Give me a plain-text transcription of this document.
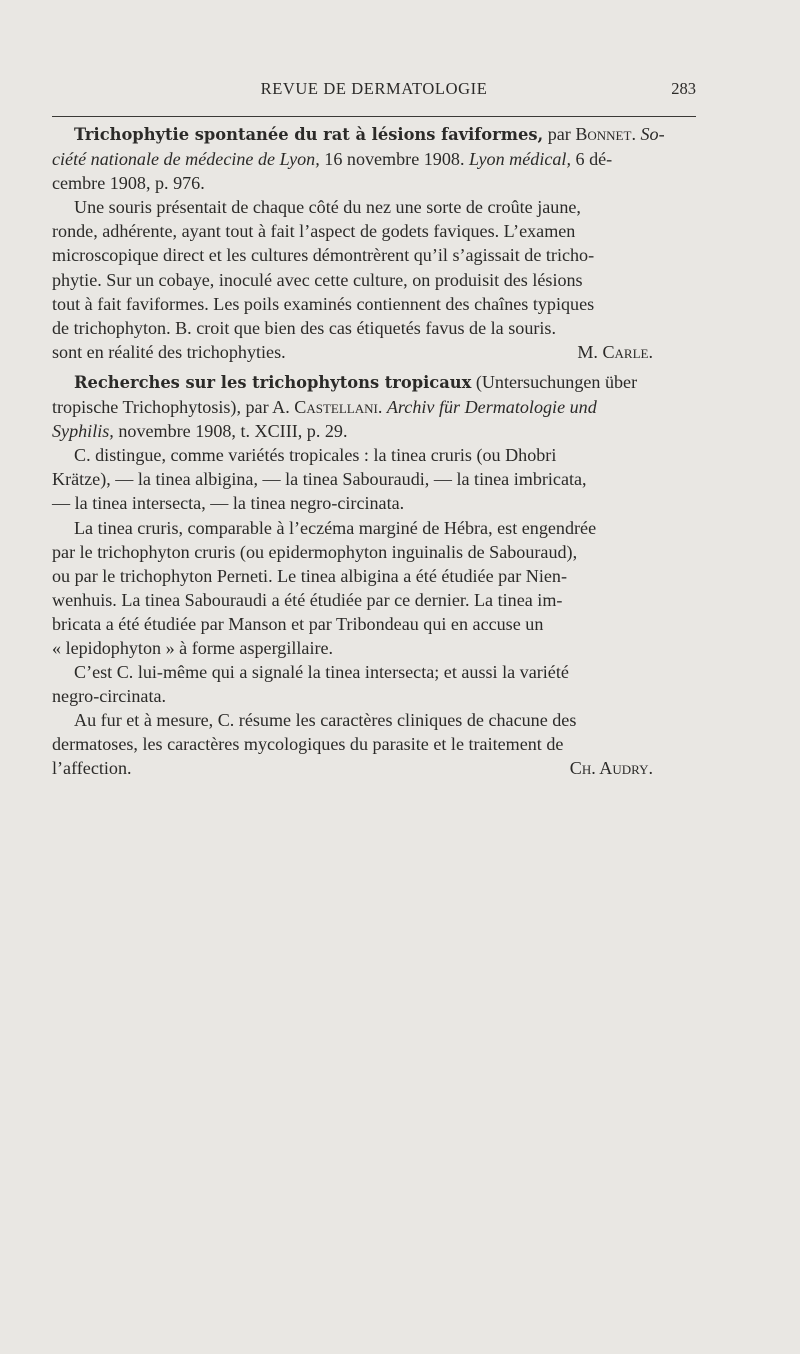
REVUE DE DERMATOLOGIE	283

Trichophytie spontanée du rat à lésions faviformes, par Bonnet. So-
ciété nationale de médecine de Lyon, 16 novembre 1908. Lyon médical, 6 dé-
cembre 1908, p. 976.

Une souris présentait de chaque côté du nez une sorte de croûte jaune,
ronde, adhérente, ayant tout à fait l’aspect de godets faviques. L’examen
microscopique direct et les cultures démontrèrent qu’il s’agissait de tricho-
phytie. Sur un cobaye, inoculé avec cette culture, on produisit des lésions
tout à fait faviformes. Les poils examinés contiennent des chaînes typiques
de trichophyton. B. croit que bien des cas étiquetés favus de la souris.

sont en réalité des trichophyties.	M. Carle.

Recherches sur les trichophytons tropicaux (Untersuchungen über
tropische Trichophytosis), par A. Castellani. Archiv für Dermatologie und
Syphilis, novembre 1908, t. XCIII, p. 29.

C. distingue, comme variétés tropicales : la tinea cruris (ou Dhobri
Krätze), — la tinea albigina, — la tinea Sabouraudi, — la tinea imbricata,
— la tinea intersecta, — la tinea negro-circinata.

La tinea cruris, comparable à l’eczéma marginé de Hébra, est engendrée
par le trichophyton cruris (ou epidermophyton inguinalis de Sabouraud),
ou par le trichophyton Perneti. Le tinea albigina a été étudiée par Nien-
wenhuis. La tinea Sabouraudi a été étudiée par ce dernier. La tinea im-
bricata a été étudiée par Manson et par Tribondeau qui en accuse un
« lepidophyton » à forme aspergillaire.

C’est C. lui-même qui a signalé la tinea intersecta; et aussi la variété
negro-circinata.

Au fur et à mesure, C. résume les caractères cliniques de chacune des
dermatoses, les caractères mycologiques du parasite et le traitement de

l’affection.	Ch. Audry.
